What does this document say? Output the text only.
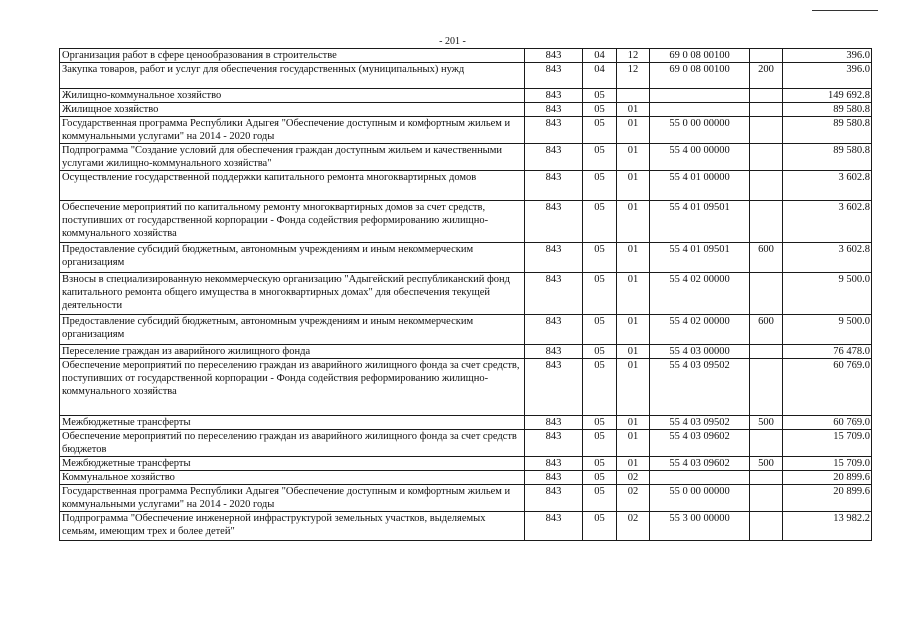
- 201 -
Организация работ в сфере ценообразования в строительстве	843	04	12	69 0 08 00100		396.0
Закупка товаров, работ и услуг для обеспечения государственных (муниципальных) нужд	843	04	12	69 0 08 00100	200	396.0
Жилищно-коммунальное хозяйство	843	05				149 692.8
Жилищное хозяйство	843	05	01			89 580.8
Государственная программа Республики Адыгея "Обеспечение доступным и комфортным жильем и коммунальными услугами" на 2014 - 2020 годы	843	05	01	55 0 00 00000		89 580.8
Подпрограмма "Создание условий для обеспечения граждан доступным жильем и качественными услугами жилищно-коммунального хозяйства"	843	05	01	55 4 00 00000		89 580.8
Осуществление государственной поддержки капитального ремонта многоквартирных домов	843	05	01	55 4 01 00000		3 602.8
Обеспечение мероприятий по капитальному ремонту многоквартирных домов за счет средств, поступивших от государственной корпорации - Фонда содействия реформированию жилищно-коммунального хозяйства	843	05	01	55 4 01 09501		3 602.8
Предоставление субсидий бюджетным, автономным учреждениям и иным некоммерческим организациям	843	05	01	55 4 01 09501	600	3 602.8
Взносы в специализированную некоммерческую организацию "Адыгейский республиканский фонд капитального ремонта общего имущества в многоквартирных домах" для обеспечения текущей деятельности	843	05	01	55 4 02 00000		9 500.0
Предоставление субсидий бюджетным, автономным учреждениям и иным некоммерческим организациям	843	05	01	55 4 02 00000	600	9 500.0
Переселение граждан из аварийного жилищного фонда	843	05	01	55 4 03 00000		76 478.0
Обеспечение мероприятий по переселению граждан из аварийного жилищного фонда за счет средств, поступивших от государственной корпорации - Фонда содействия реформированию жилищно-коммунального хозяйства	843	05	01	55 4 03 09502		60 769.0
Межбюджетные трансферты	843	05	01	55 4 03 09502	500	60 769.0
Обеспечение мероприятий по переселению граждан из аварийного жилищного фонда за счет средств бюджетов	843	05	01	55 4 03 09602		15 709.0
Межбюджетные трансферты	843	05	01	55 4 03 09602	500	15 709.0
Коммунальное хозяйство	843	05	02			20 899.6
Государственная программа Республики Адыгея "Обеспечение доступным и комфортным жильем и коммунальными услугами" на 2014 - 2020 годы	843	05	02	55 0 00 00000		20 899.6
Подпрограмма "Обеспечение инженерной инфраструктурой земельных участков, выделяемых семьям, имеющим трех и более детей"	843	05	02	55 3 00 00000		13 982.2
